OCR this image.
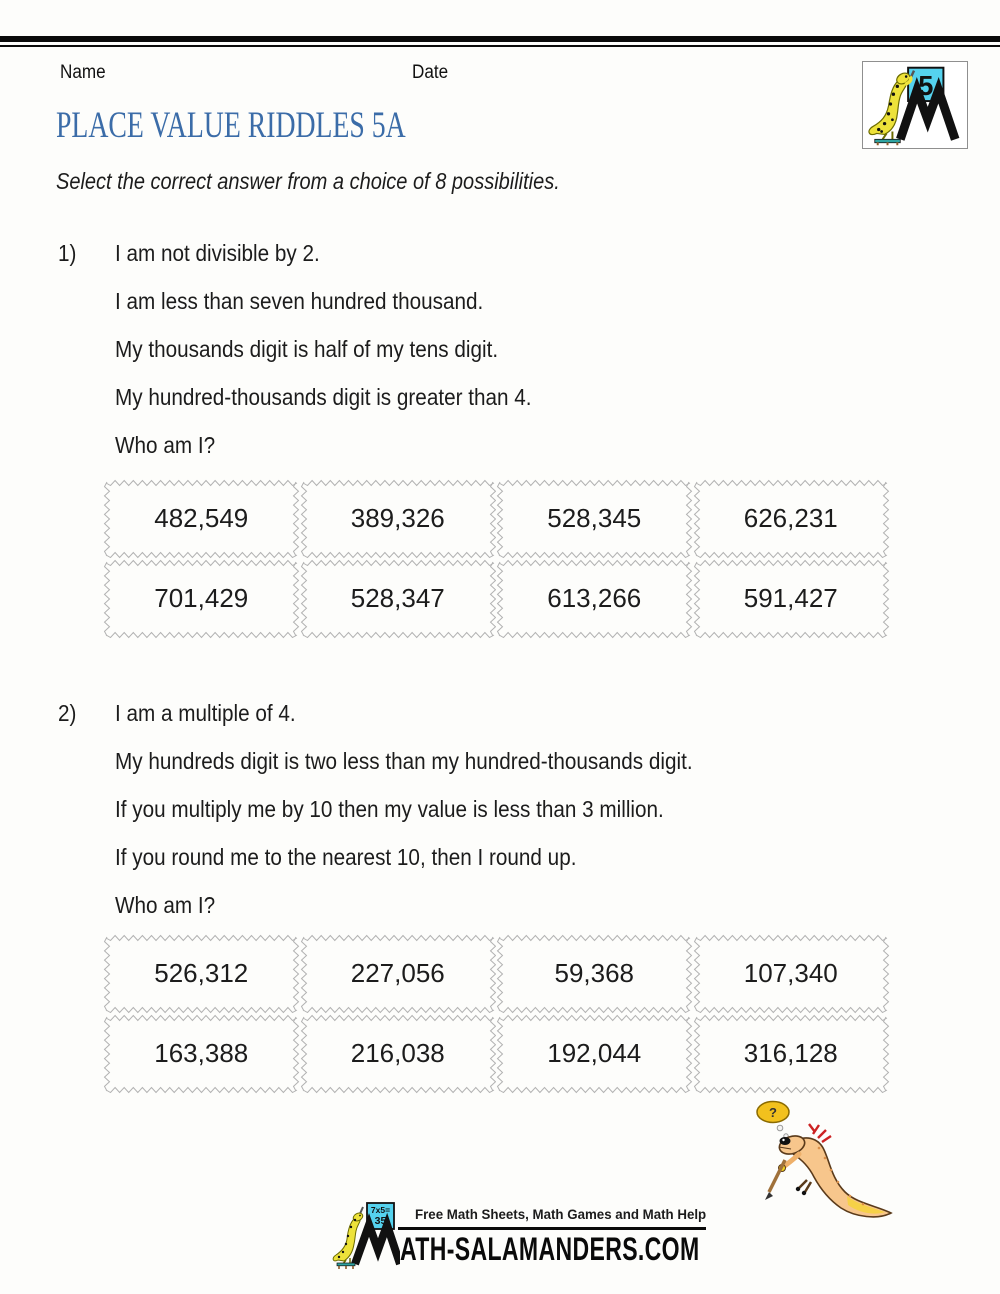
Name	Date	5
PLACE VALUE RIDDLES 5A
Select the correct answer from a choice of 8 possibilities.
1) I am not divisible by 2.
I am less than seven hundred thousand.
My thousands digit is half of my tens digit.
My hundred-thousands digit is greater than 4.
Who am I?
482,549	389,326	528,345	626,231
701,429	528,347	613,266	591,427
2) I am a multiple of 4.
My hundreds digit is two less than my hundred-thousands digit.
If you multiply me by 10 then my value is less than 3 million.
If you round me to the nearest 10, then I round up.
Who am I?
526,312	227,056	59,368	107,340
163,388	216,038	192,044	316,128
?
7x5=
35 Free Math Sheets, Math Games and Math Help
ATH-SALAMANDERS.COM
